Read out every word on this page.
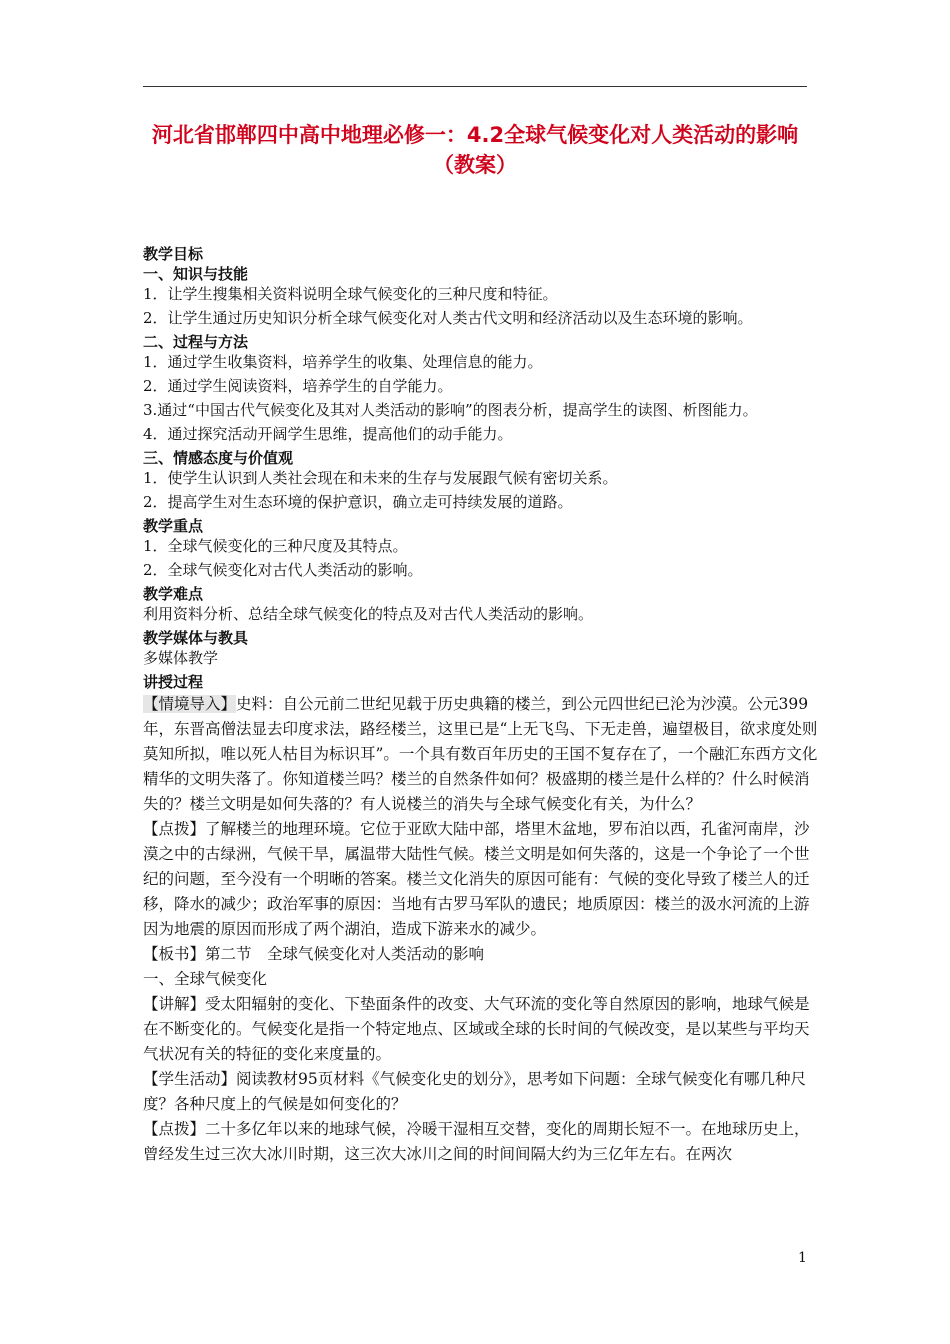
河北省邯郸四中高中地理必修一：4.2全球气候变化对人类活动的影响（教案）

教学目标

一、知识与技能

1．让学生搜集相关资料说明全球气候变化的三种尺度和特征。

2．让学生通过历史知识分析全球气候变化对人类古代文明和经济活动以及生态环境的影响。

二、过程与方法

1．通过学生收集资料，培养学生的收集、处理信息的能力。

2．通过学生阅读资料，培养学生的自学能力。

3.通过“中国古代气候变化及其对人类活动的影响”的图表分析，提高学生的读图、析图能力。

4．通过探究活动开阔学生思维，提高他们的动手能力。

三、情感态度与价值观

1．使学生认识到人类社会现在和未来的生存与发展跟气候有密切关系。

2．提高学生对生态环境的保护意识，确立走可持续发展的道路。

教学重点

1．全球气候变化的三种尺度及其特点。

2．全球气候变化对古代人类活动的影响。

教学难点

利用资料分析、总结全球气候变化的特点及对古代人类活动的影响。

教学媒体与教具

多媒体教学

讲授过程

【情境导入】史料：自公元前二世纪见载于历史典籍的楼兰，到公元四世纪已沦为沙漠。公元399 年，东晋高僧法显去印度求法，路经楼兰，这里已是“上无飞鸟、下无走兽，遍望极目，欲求度处则莫知所拟，唯以死人枯目为标识耳”。一个具有数百年历史的王国不复存在了，一个融汇东西方文化精华的文明失落了。你知道楼兰吗？楼兰的自然条件如何？极盛期的楼兰是什么样的？什么时候消失的？楼兰文明是如何失落的？有人说楼兰的消失与全球气候变化有关，为什么？

【点拨】了解楼兰的地理环境。它位于亚欧大陆中部，塔里木盆地，罗布泊以西，孔雀河南岸，沙漠之中的古绿洲，气候干旱，属温带大陆性气候。楼兰文明是如何失落的，这是一个争论了一个世纪的问题，至今没有一个明晰的答案。楼兰文化消失的原因可能有：气候的变化导致了楼兰人的迁移，降水的减少；政治军事的原因：当地有古罗马军队的遗民；地质原因：楼兰的汲水河流的上游因为地震的原因而形成了两个湖泊，造成下游来水的减少。

【板书】第二节　全球气候变化对人类活动的影响

一、全球气候变化

【讲解】受太阳辐射的变化、下垫面条件的改变、大气环流的变化等自然原因的影响，地球气候是在不断变化的。气候变化是指一个特定地点、区域或全球的长时间的气候改变，是以某些与平均天气状况有关的特征的变化来度量的。

【学生活动】阅读教材95页材料《气候变化史的划分》，思考如下问题：全球气候变化有哪几种尺度？各种尺度上的气候是如何变化的？

【点拨】二十多亿年以来的地球气候，冷暖干湿相互交替，变化的周期长短不一。在地球历史上，曾经发生过三次大冰川时期，这三次大冰川之间的时间间隔大约为三亿年左右。在两次

1
